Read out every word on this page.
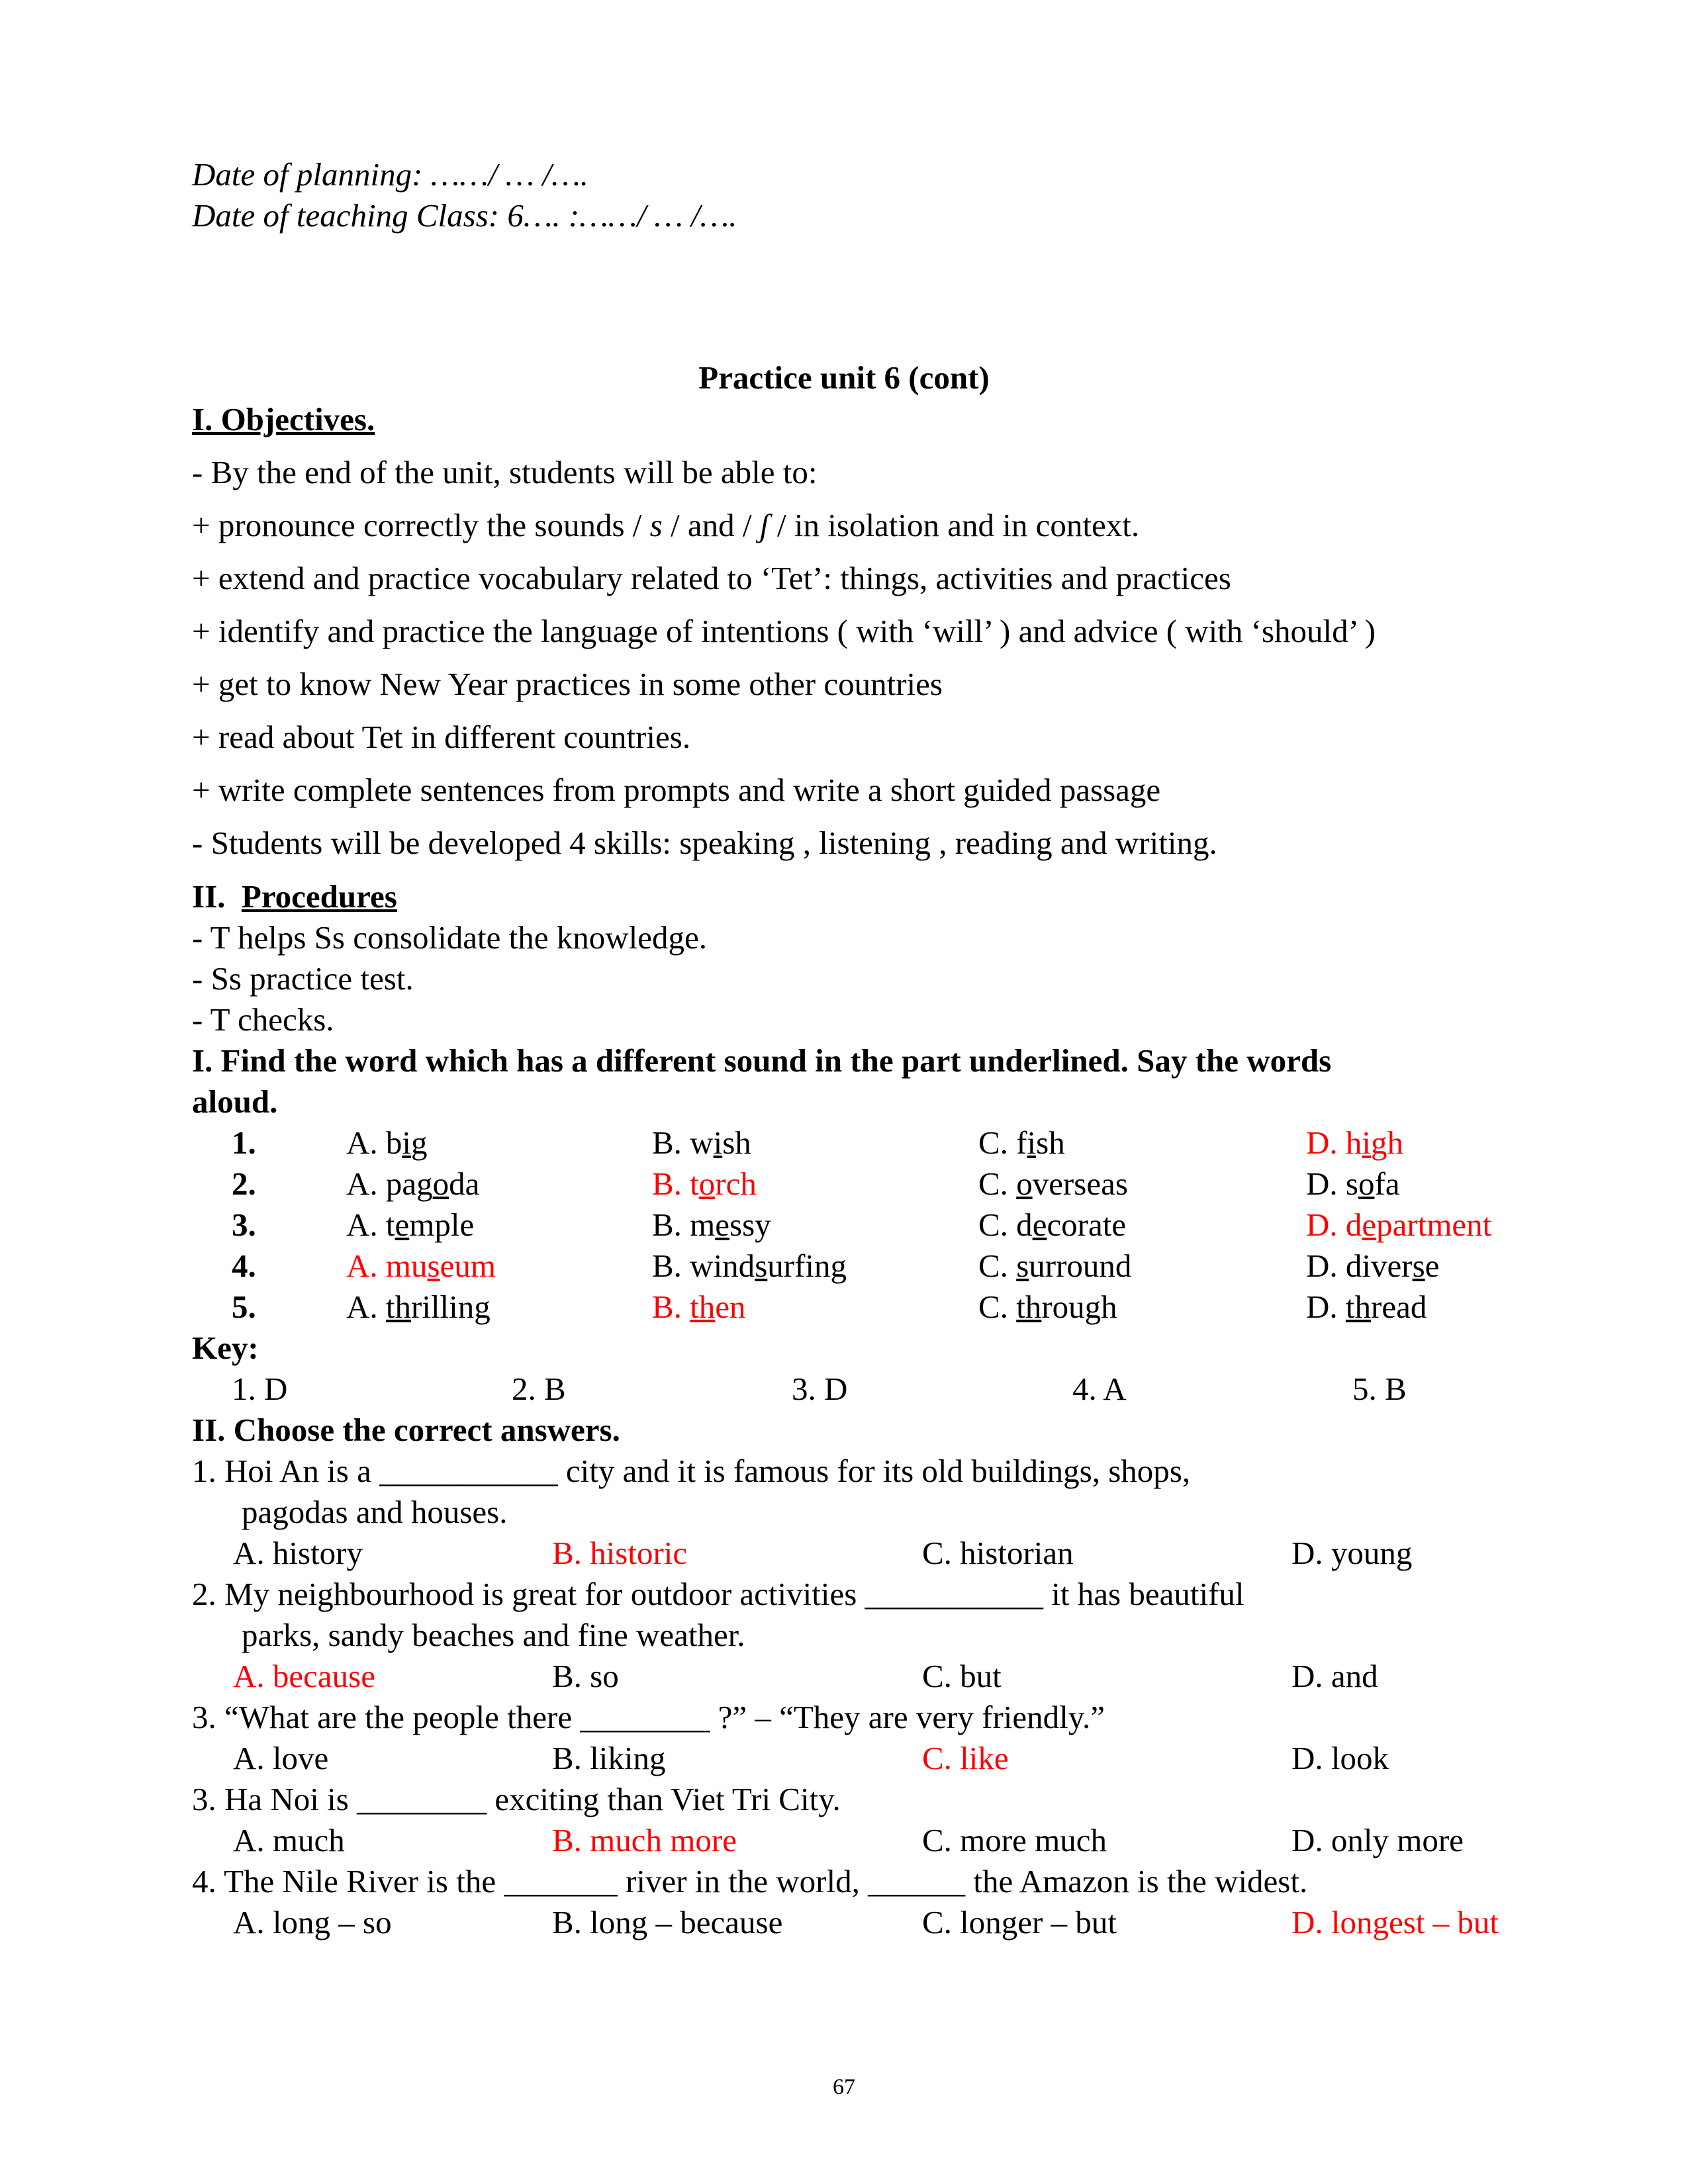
Date of planning: ……/ … /….
Date of teaching Class: 6…. :……/ … /….
Practice unit 6 (cont)
I. Objectives.
- By the end of the unit, students will be able to:
+ pronounce correctly the sounds / s / and / ʃ / in isolation and in context.
+ extend and practice vocabulary related to ‘Tet’: things, activities and practices
+ identify and practice the language of intentions ( with ‘will’ ) and advice ( with ‘should’ )
+ get to know New Year practices in some other countries
+ read about Tet in different countries.
+ write complete sentences from prompts and write a short guided passage
- Students will be developed 4 skills: speaking , listening , reading and writing.
II. Procedures
- T helps Ss consolidate the knowledge.
- Ss practice test.
- T checks.
I. Find the word which has a different sound in the part underlined. Say the words
aloud.
1.	A. big	B. wish	C. fish	D. high
2.	A. pagoda	B. torch	C. overseas	D. sofa
3.	A. temple	B. messy	C. decorate	D. department
4.	A. museum	B. windsurfing	C. surround	D. diverse
5.	A. thrilling	B. then	C. through	D. thread
Key:
1. D	2. B	3. D	4. A	5. B
II. Choose the correct answers.
1. Hoi An is a ___________ city and it is famous for its old buildings, shops,
pagodas and houses.
A. history	B. historic	C. historian	D. young
2. My neighbourhood is great for outdoor activities ___________ it has beautiful
parks, sandy beaches and fine weather.
A. because	B. so	C. but	D. and
3. “What are the people there ________ ?” – “They are very friendly.”
A. love	B. liking	C. like	D. look
3. Ha Noi is ________ exciting than Viet Tri City.
A. much	B. much more	C. more much	D. only more
4. The Nile River is the _______ river in the world, ______ the Amazon is the widest.
A. long – so	B. long – because	C. longer – but	D. longest – but
67
